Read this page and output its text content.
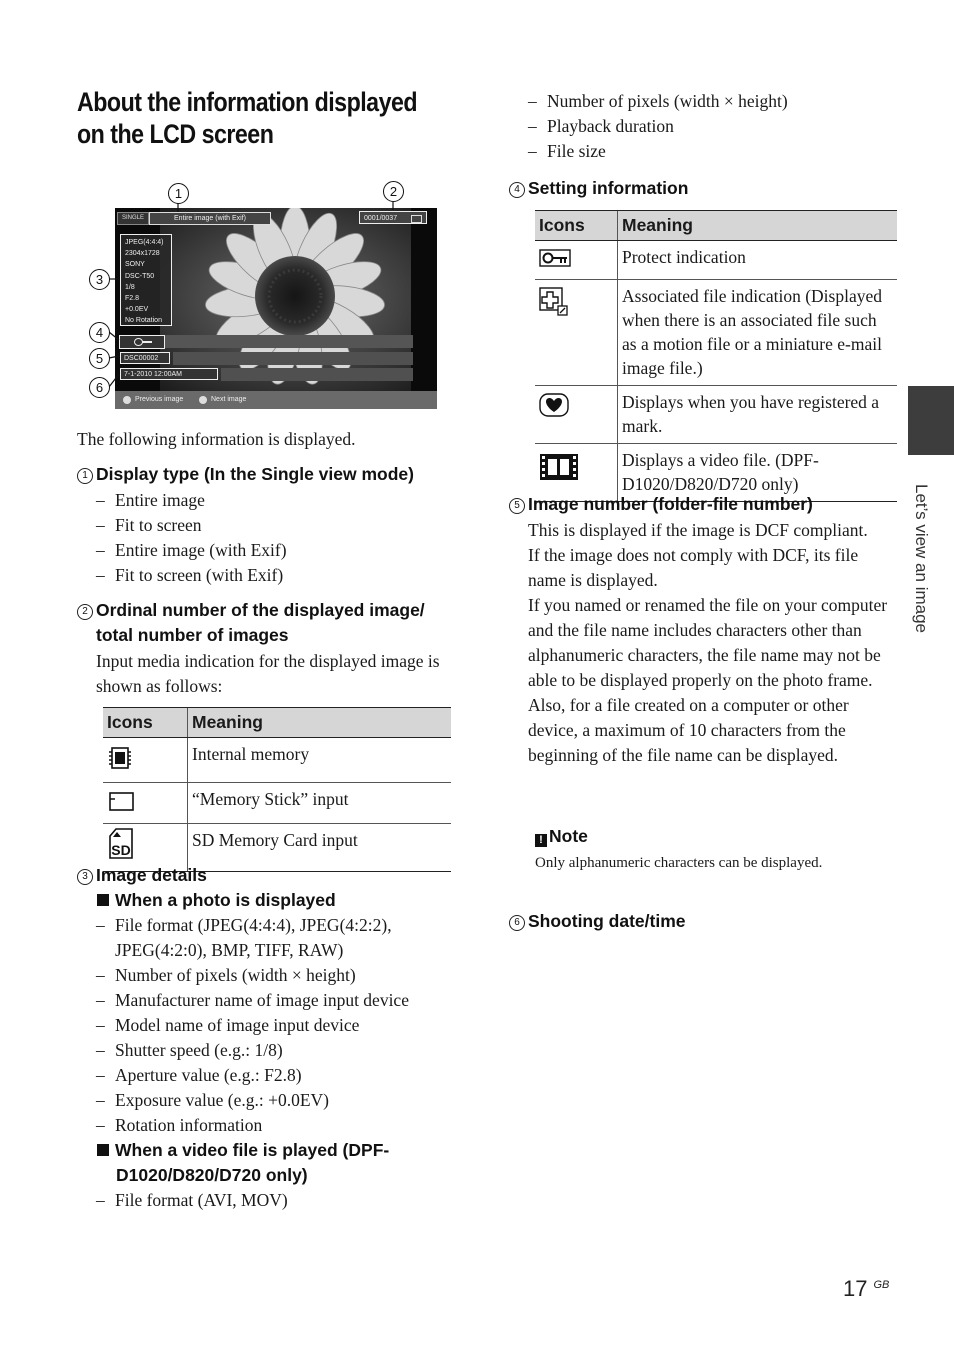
About the information displayed on the LCD screen
SINGLE	Entire image (with Exif)	0001/0037
JPEG(4:4:4)
2304x1728
SONY
DSC-T50
1/8
F2.8
+0.0EV
No Rotation
DSC00002
7-1-2010 12:00AM
Previous image	Next image
1	2
3
4
5
6
The following information is displayed.
1 Display type (In the Single view mode)
– Entire image
– Fit to screen
– Entire image (with Exif)
– Fit to screen (with Exif)
2 Ordinal number of the displayed image/
total number of images
Input media indication for the displayed image is shown as follows:
Icons	Meaning
	Internal memory
	“Memory Stick” input

SD	SD Memory Card input
3 Image details
When a photo is displayed
– File format (JPEG(4:4:4), JPEG(4:2:2), JPEG(4:2:0), BMP, TIFF, RAW)
– Number of pixels (width × height)
– Manufacturer name of image input device
– Model name of image input device
– Shutter speed (e.g.: 1/8)
– Aperture value (e.g.: F2.8)
– Exposure value (e.g.: +0.0EV)
– Rotation information
When a video file is played (DPF-D1020/D820/D720 only)
– File format (AVI, MOV)
– Number of pixels (width × height)
– Playback duration
– File size
4 Setting information
Icons	Meaning
	Protect indication
	Associated file indication (Displayed when there is an associated file such as a motion file or a miniature e-mail image file.)
	Displays when you have registered a mark.
	Displays a video file. (DPF-D1020/D820/D720 only)
5 Image number (folder-file number)
This is displayed if the image is DCF compliant.
If the image does not comply with DCF, its file name is displayed.
If you named or renamed the file on your computer and the file name includes characters other than alphanumeric characters, the file name may not be able to be displayed properly on the photo frame. Also, for a file created on a computer or other device, a maximum of 10 characters from the beginning of the file name can be displayed.
! Note
Only alphanumeric characters can be displayed.
6 Shooting date/time
Let’s view an image
17 $^{GB}$
